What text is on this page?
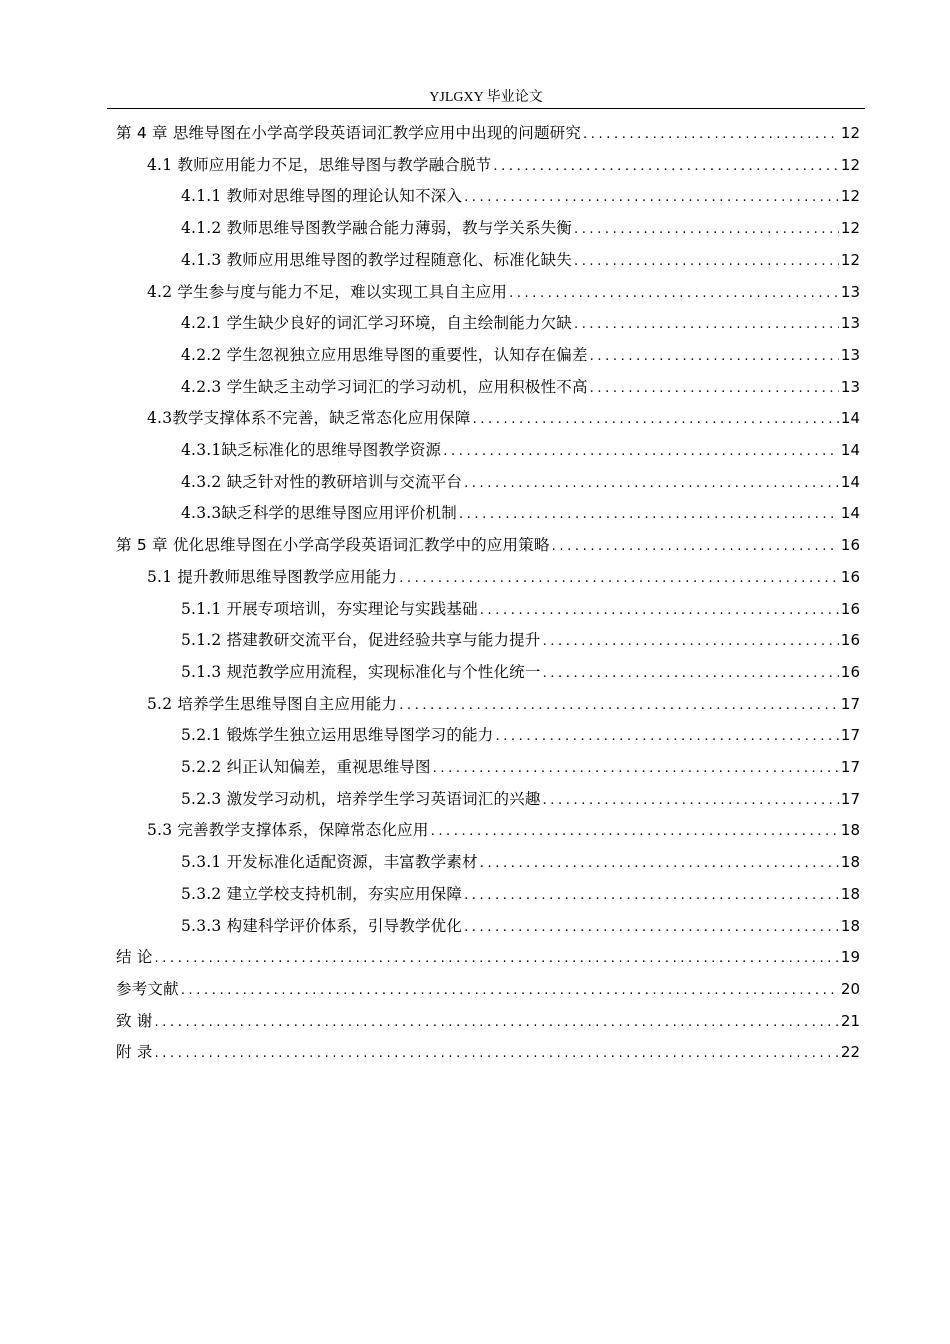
YJLGXY 毕业论文
第 4 章 思维导图在小学高学段英语词汇教学应用中出现的问题研究 .....	12
4.1 教师应用能力不足，思维导图与教学融合脱节 .....	12
4.1.1 教师对思维导图的理论认知不深入 .....	12
4.1.2 教师思维导图教学融合能力薄弱，教与学关系失衡 .....	12
4.1.3 教师应用思维导图的教学过程随意化、标准化缺失 .....	12
4.2 学生参与度与能力不足，难以实现工具自主应用 .....	13
4.2.1 学生缺少良好的词汇学习环境，自主绘制能力欠缺 .....	13
4.2.2 学生忽视独立应用思维导图的重要性，认知存在偏差 .....	13
4.2.3 学生缺乏主动学习词汇的学习动机，应用积极性不高 .....	13
4.3教学支撑体系不完善，缺乏常态化应用保障 .....	14
4.3.1缺乏标准化的思维导图教学资源 .....	14
4.3.2 缺乏针对性的教研培训与交流平台 .....	14
4.3.3缺乏科学的思维导图应用评价机制 .....	14
第 5 章 优化思维导图在小学高学段英语词汇教学中的应用策略 .....	16
5.1 提升教师思维导图教学应用能力 .....	16
5.1.1 开展专项培训，夯实理论与实践基础 .....	16
5.1.2 搭建教研交流平台，促进经验共享与能力提升 .....	16
5.1.3 规范教学应用流程，实现标准化与个性化统一 .....	16
5.2 培养学生思维导图自主应用能力 .....	17
5.2.1 锻炼学生独立运用思维导图学习的能力 .....	17
5.2.2 纠正认知偏差，重视思维导图 .....	17
5.2.3 激发学习动机，培养学生学习英语词汇的兴趣 .....	17
5.3 完善教学支撑体系，保障常态化应用 .....	18
5.3.1 开发标准化适配资源，丰富教学素材 .....	18
5.3.2 建立学校支持机制，夯实应用保障 .....	18
5.3.3 构建科学评价体系，引导教学优化 .....	18
结 论 .....	19
参考文献 .....	20
致 谢 .....	21
附 录 .....	22
